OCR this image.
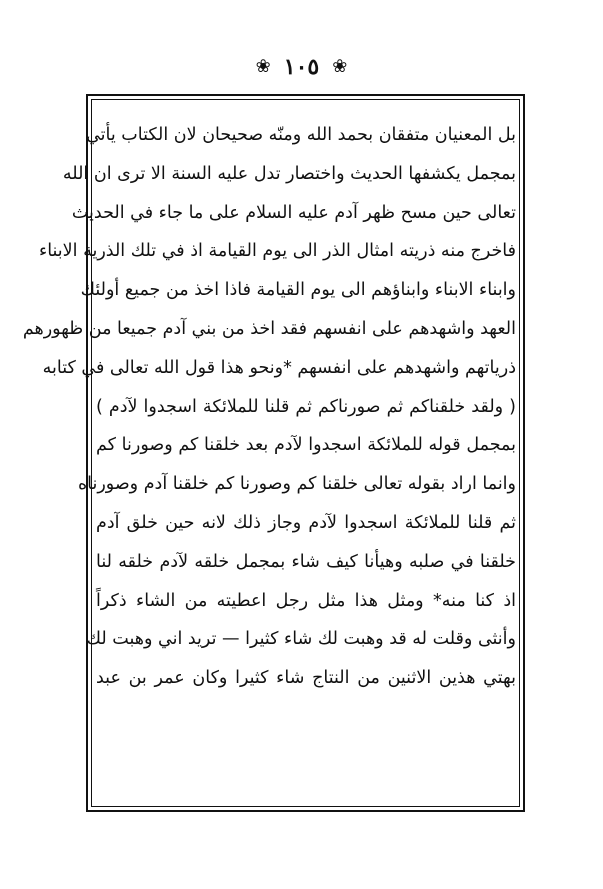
❀ ١٠٥ ❀
بل المعنيان متفقان بحمد الله ومنّه صحيحان لان الكتاب يأتي
بمجمل يكشفها الحديث واختصار تدل عليه السنة الا ترى ان الله
تعالى حين مسح ظهر آدم عليه السلام على ما جاء في الحديث
فاخرج منه ذريته امثال الذر الى يوم القيامة اذ في تلك الذرية الابناء
وابناء الابناء وابناؤهم الى يوم القيامة فاذا اخذ من جميع أولئك
العهد واشهدهم على انفسهم فقد اخذ من بني آدم جميعا من ظهورهم
ذرياتهم واشهدهم على انفسهم *ونحو هذا قول الله تعالى في كتابه
( ولقد خلقناكم ثم صورناكم ثم قلنا للملائكة اسجدوا لآدم )
بمجمل قوله للملائكة اسجدوا لآدم بعد خلقنا كم وصورنا كم
وانما اراد بقوله تعالى خلقنا كم وصورنا كم خلقنا آدم وصورناه
ثم قلنا للملائكة اسجدوا لآدم وجاز ذلك لانه حين خلق آدم
خلقنا في صلبه وهيأنا كيف شاء بمجمل خلقه لآدم خلقه لنا
اذ كنا منه* ومثل هذا مثل رجل اعطيته من الشاء ذكراً
وأنثى وقلت له قد وهبت لك شاء كثيرا — تريد اني وهبت لك
بهتي هذين الاثنين من النتاج شاء كثيرا وكان عمر بن عبد
